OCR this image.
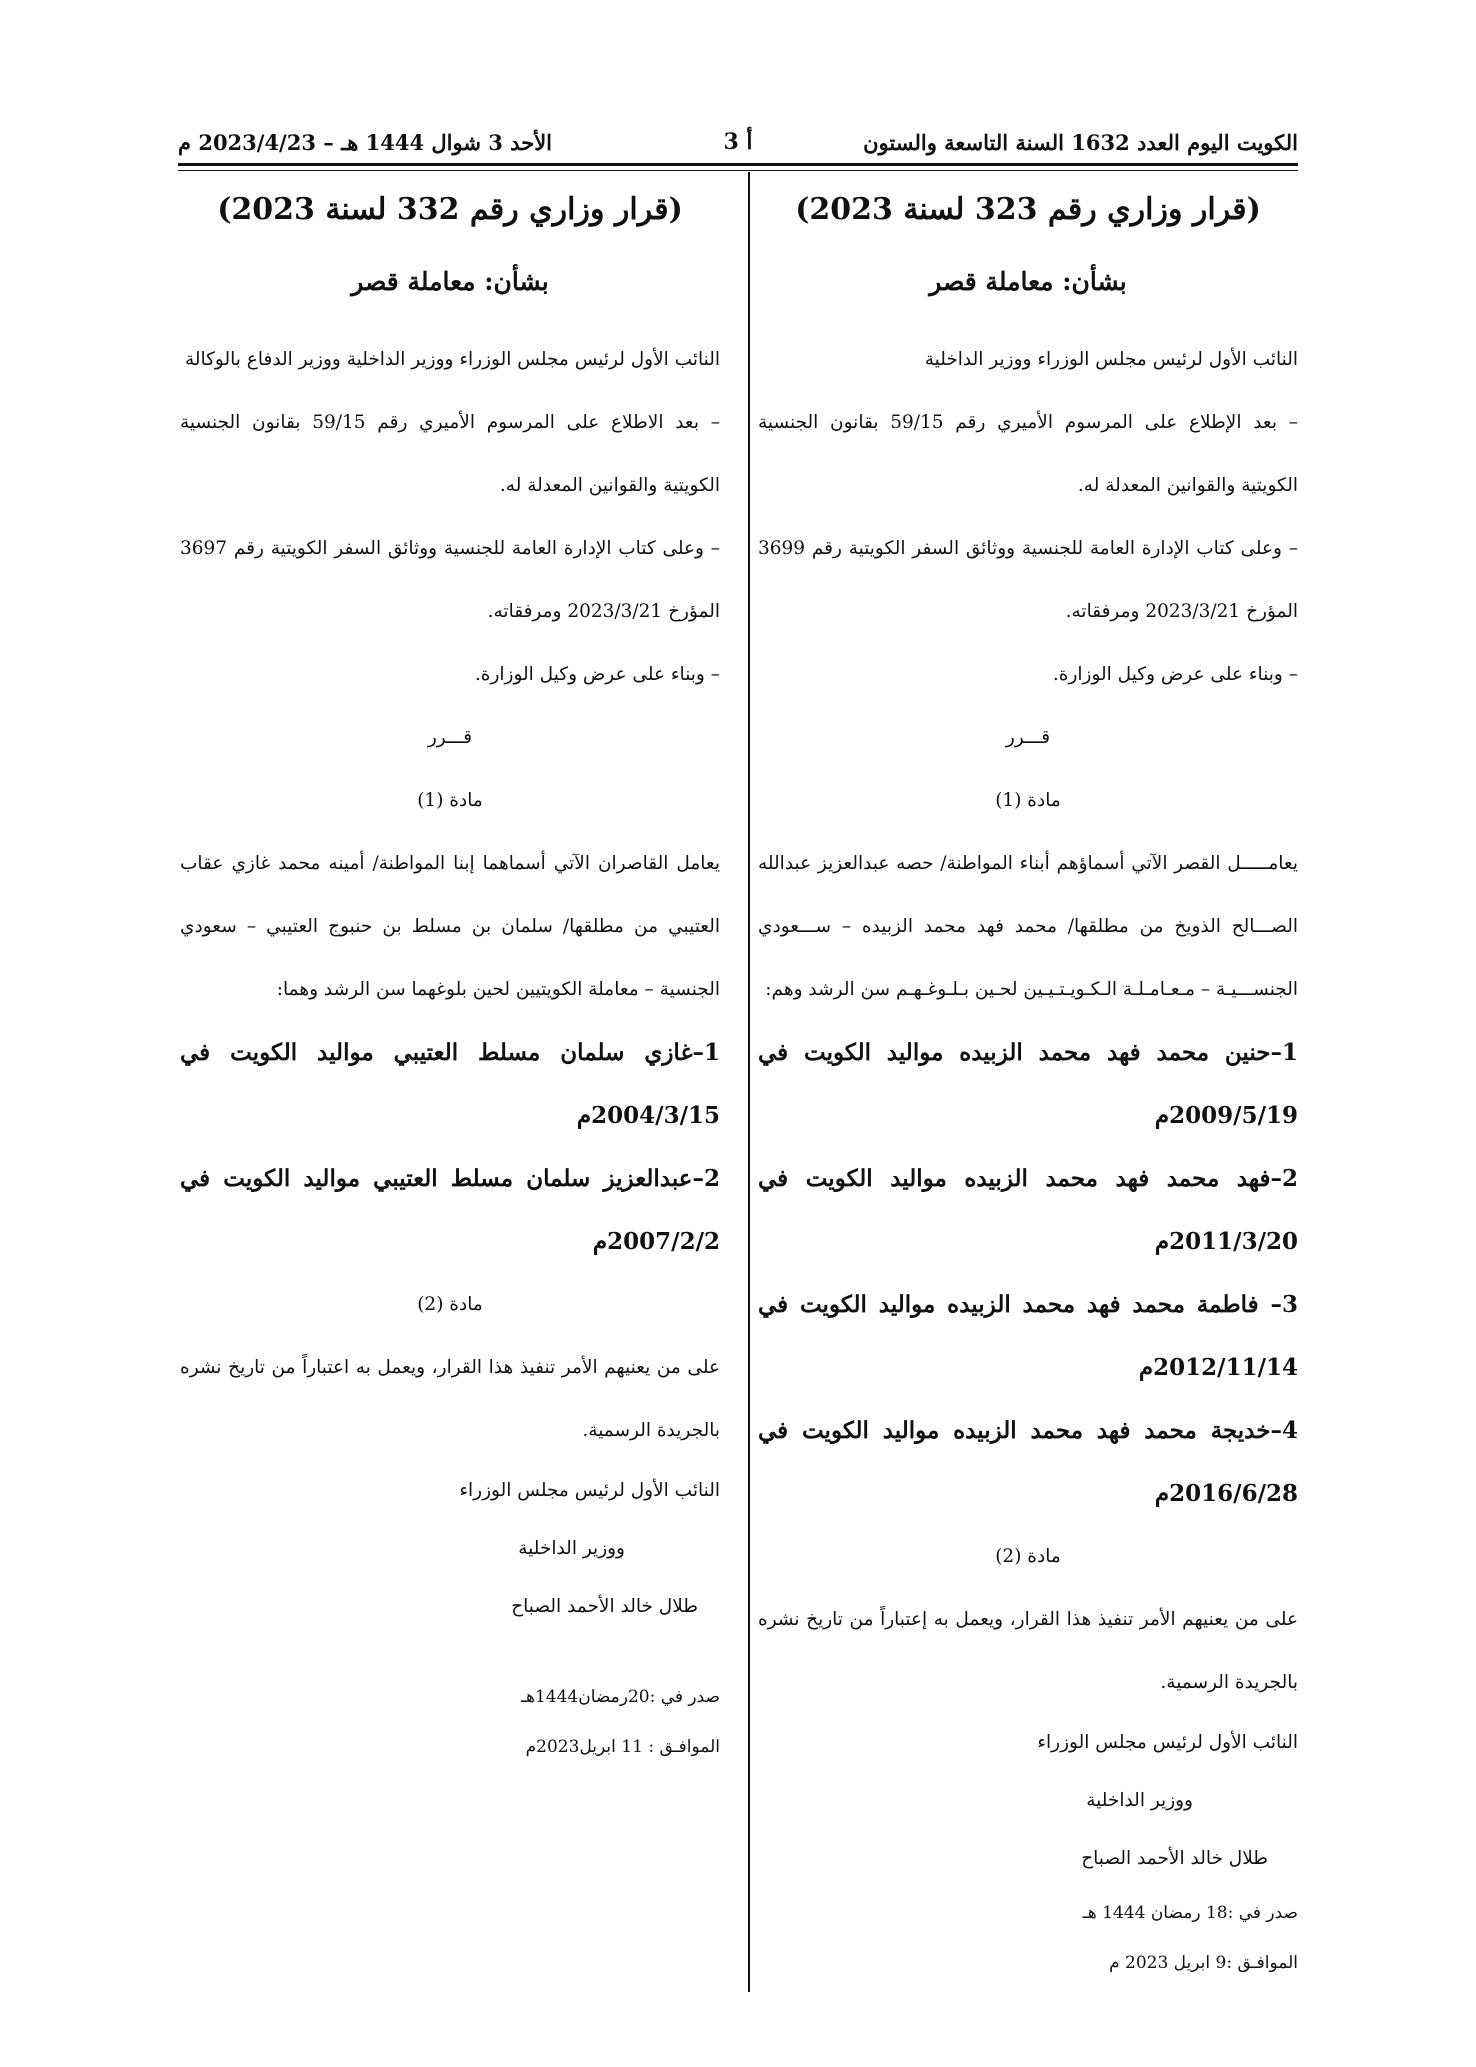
الكويت اليوم العدد 1632 السنة التاسعة والستون
أ 3
الأحد 3 شوال 1444 هـ – 2023/4/23 م

(قرار وزاري رقم 323 لسنة 2023)

بشأن: معاملة قصر

النائب الأول لرئيس مجلس الوزراء ووزير الداخلية

– بعد الإطلاع على المرسوم الأميري رقم 59/15 بقانون الجنسية الكويتية والقوانين المعدلة له.

– وعلى كتاب الإدارة العامة للجنسية ووثائق السفر الكويتية رقم 3699 المؤرخ 2023/3/21 ومرفقاته.

– وبناء على عرض وكيل الوزارة.

قـــرر

مادة (1)

يعامـــــل القصر الآتي أسماؤهم أبناء المواطنة/ حصه عبدالعزيز عبدالله الصـــالح الذويخ من مطلقها/ محمد فهد محمد الزبيده – ســـعودي الجنســـيـة – مـعـامـلـة الـكـويـتـيـين لحـين بـلـوغـهـم سن الرشد وهم:

1–حنين محمد فهد محمد الزبيده مواليد الكويت في 2009/5/19م

2–فهد محمد فهد محمد الزبيده مواليد الكويت في 2011/3/20م

3– فاطمة محمد فهد محمد الزبيده مواليد الكويت في 2012/11/14م

4–خديجة محمد فهد محمد الزبيده مواليد الكويت في 2016/6/28م

مادة (2)

على من يعنيهم الأمر تنفيذ هذا القرار، ويعمل به إعتباراً من تاريخ نشره بالجريدة الرسمية.

النائب الأول لرئيس مجلس الوزراء

ووزير الداخلية

طلال خالد الأحمد الصباح

صدر في :18 رمضان 1444 هـ

الموافـق :9 ابريل 2023 م

(قرار وزاري رقم 332 لسنة 2023)

بشأن: معاملة قصر

النائب الأول لرئيس مجلس الوزراء ووزير الداخلية ووزير الدفاع بالوكالة

– بعد الاطلاع على المرسوم الأميري رقم 59/15 بقانون الجنسية الكويتية والقوانين المعدلة له.

– وعلى كتاب الإدارة العامة للجنسية ووثائق السفر الكويتية رقم 3697 المؤرخ 2023/3/21 ومرفقاته.

– وبناء على عرض وكيل الوزارة.

قـــرر

مادة (1)

يعامل القاصران الآتي أسماهما إبنا المواطنة/ أمينه محمد غازي عقاب العتيبي من مطلقها/ سلمان بن مسلط بن حنبوج العتيبي – سعودي الجنسية – معاملة الكويتيين لحين بلوغهما سن الرشد وهما:

1–غازي سلمان مسلط العتيبي مواليد الكويت في 2004/3/15م

2–عبدالعزيز سلمان مسلط العتيبي مواليد الكويت في 2007/2/2م

مادة (2)

على من يعنيهم الأمر تنفيذ هذا القرار، ويعمل به اعتباراً من تاريخ نشره بالجريدة الرسمية.

النائب الأول لرئيس مجلس الوزراء

ووزير الداخلية

طلال خالد الأحمد الصباح

صدر في :20رمضان1444هـ

الموافـق : 11 ابريل2023م
